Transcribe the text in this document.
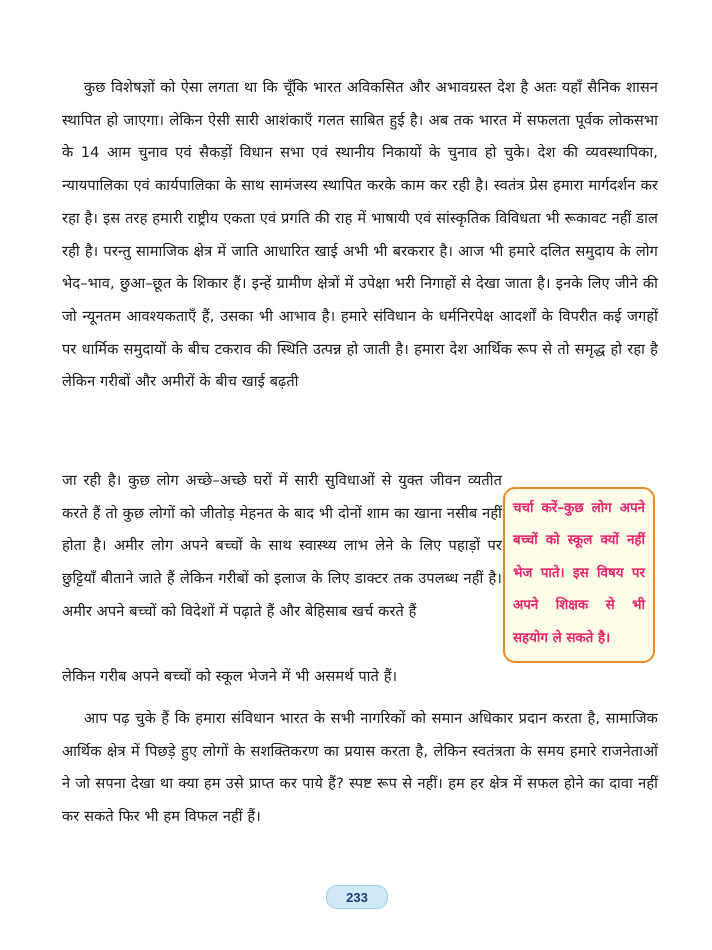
कुछ विशेषज्ञों को ऐसा लगता था कि चूँकि भारत अविकसित और अभावग्रस्त देश है अतः यहाँ सैनिक शासन स्थापित हो जाएगा। लेकिन ऐसी सारी आशंकाएँ गलत साबित हुई है। अब तक भारत में सफलता पूर्वक लोकसभा के 14 आम चुनाव एवं सैकड़ों विधान सभा एवं स्थानीय निकायों के चुनाव हो चुके। देश की व्यवस्थापिका, न्यायपालिका एवं कार्यपालिका के साथ सामंजस्य स्थापित करके काम कर रही है। स्वतंत्र प्रेस हमारा मार्गदर्शन कर रहा है। इस तरह हमारी राष्ट्रीय एकता एवं प्रगति की राह में भाषायी एवं सांस्कृतिक विविधता भी रूकावट नहीं डाल रही है। परन्तु सामाजिक क्षेत्र में जाति आधारित खाई अभी भी बरकरार है। आज भी हमारे दलित समुदाय के लोग भेद–भाव, छुआ–छूत के शिकार हैं। इन्हें ग्रामीण क्षेत्रों में उपेक्षा भरी निगाहों से देखा जाता है। इनके लिए जीने की जो न्यूनतम आवश्यकताएँ हैं, उसका भी आभाव है। हमारे संविधान के धर्मनिरपेक्ष आदर्शों के विपरीत कई जगहों पर धार्मिक समुदायों के बीच टकराव की स्थिति उत्पन्न हो जाती है। हमारा देश आर्थिक रूप से तो समृद्ध हो रहा है लेकिन गरीबों और अमीरों के बीच खाई बढ़ती

जा रही है। कुछ लोग अच्छे–अच्छे घरों में सारी सुविधाओं से युक्त जीवन व्यतीत करते हैं तो कुछ लोगों को जीतोड़ मेहनत के बाद भी दोनों शाम का खाना नसीब नहीं होता है। अमीर लोग अपने बच्चों के साथ स्वास्थ्य लाभ लेने के लिए पहाड़ों पर छुट्टियाँ बीताने जाते हैं लेकिन गरीबों को इलाज के लिए डाक्टर तक उपलब्ध नहीं है। अमीर अपने बच्चों को विदेशों में पढ़ाते हैं और बेहिसाब खर्च करते हैं

चर्चा करें–कुछ लोग अपने बच्चों को स्कूल क्यों नहीं भेज पाते। इस विषय पर अपने शिक्षक से भी सहयोग ले सकते है।

लेकिन गरीब अपने बच्चों को स्कूल भेजने में भी असमर्थ पाते हैं।

आप पढ़ चुके हैं कि हमारा संविधान भारत के सभी नागरिकों को समान अधिकार प्रदान करता है, सामाजिक आर्थिक क्षेत्र में पिछड़े हुए लोगों के सशक्तिकरण का प्रयास करता है, लेकिन स्वतंत्रता के समय हमारे राजनेताओं ने जो सपना देखा था क्या हम उसे प्राप्त कर पाये हैं? स्पष्ट रूप से नहीं। हम हर क्षेत्र में सफल होने का दावा नहीं कर सकते फिर भी हम विफल नहीं हैं।

233
